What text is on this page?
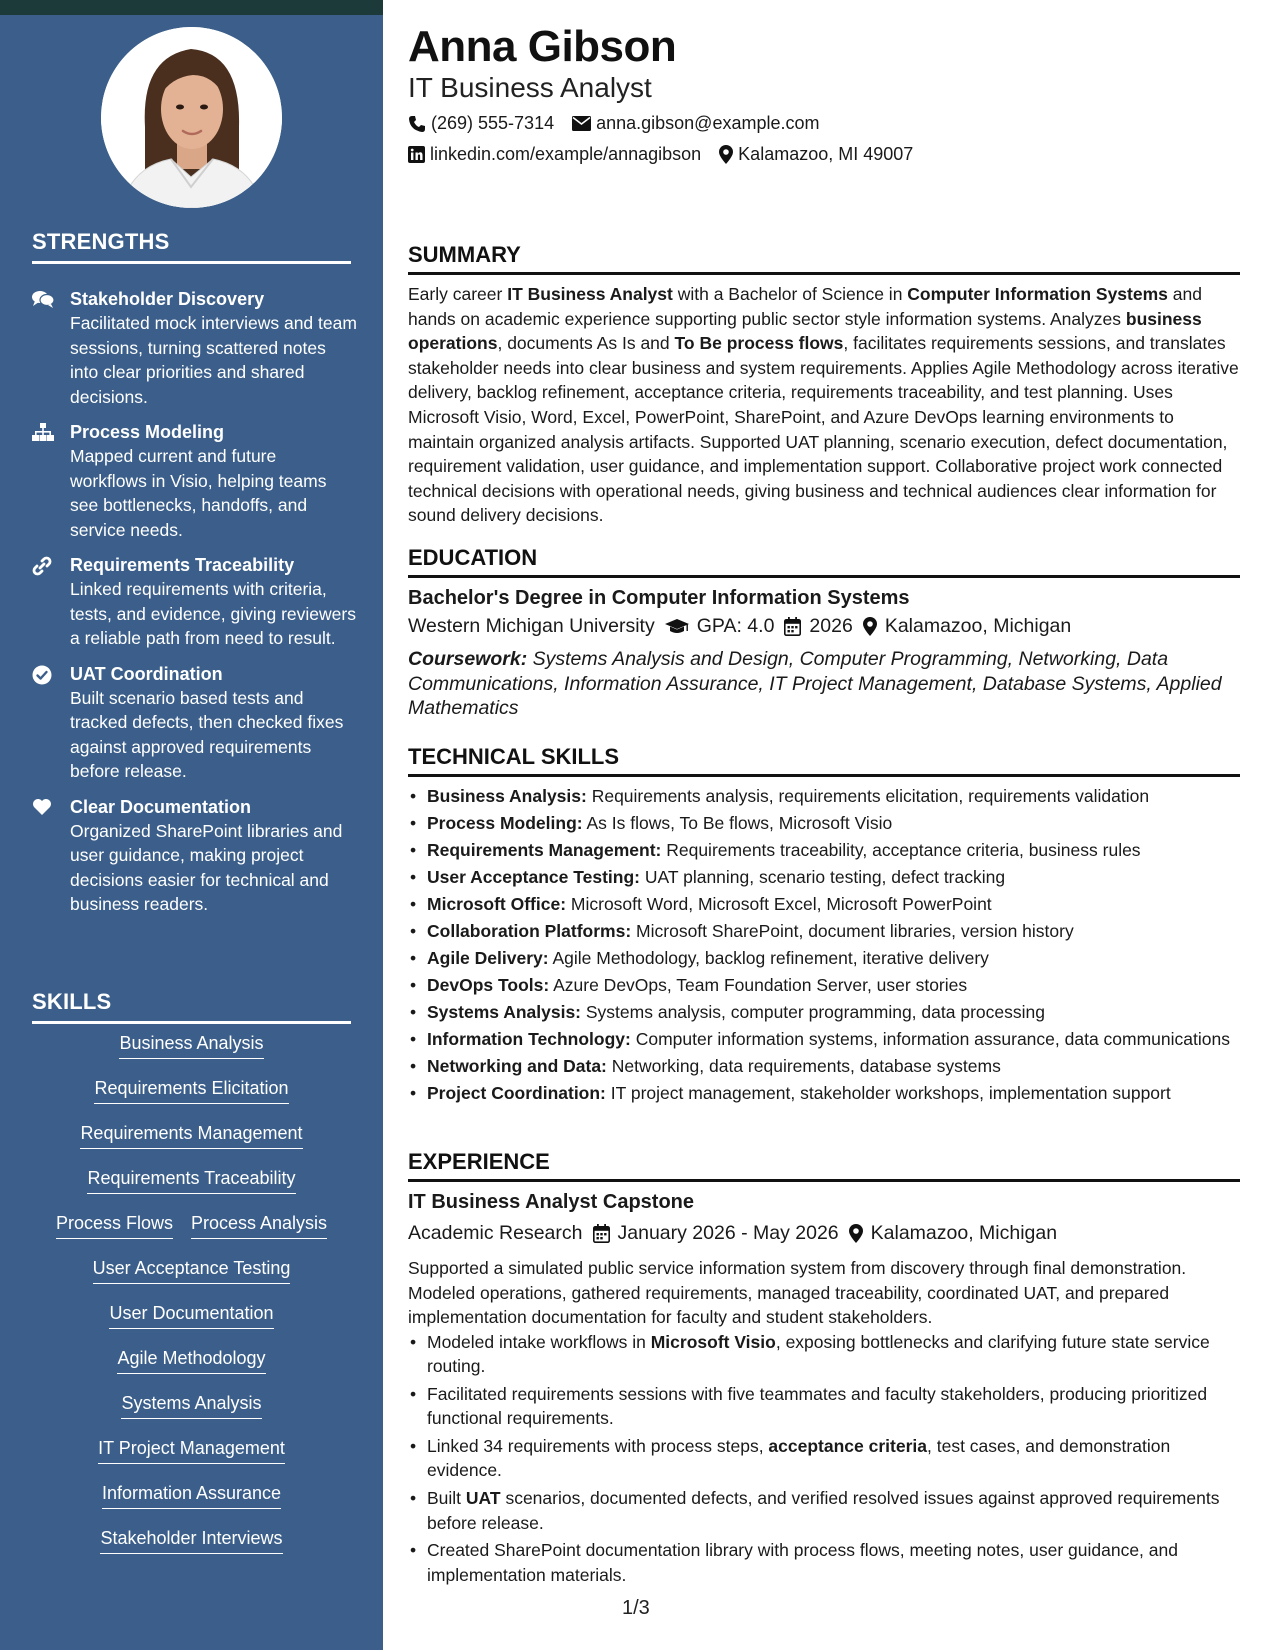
STRENGTHS
Stakeholder Discovery
Facilitated mock interviews and team sessions, turning scattered notes into clear priorities and shared decisions.
Process Modeling
Mapped current and future workflows in Visio, helping teams see bottlenecks, handoffs, and service needs.
Requirements Traceability
Linked requirements with criteria, tests, and evidence, giving reviewers a reliable path from need to result.
UAT Coordination
Built scenario based tests and tracked defects, then checked fixes against approved requirements before release.
Clear Documentation
Organized SharePoint libraries and user guidance, making project decisions easier for technical and business readers.
SKILLS
Business Analysis
Requirements Elicitation
Requirements Management
Requirements Traceability
Process Flows Process Analysis
User Acceptance Testing
User Documentation
Agile Methodology
Systems Analysis
IT Project Management
Information Assurance
Stakeholder Interviews
Anna Gibson
IT Business Analyst
(269) 555-7314 anna.gibson@example.com
linkedin.com/example/annagibson Kalamazoo, MI 49007
SUMMARY

Early career IT Business Analyst with a Bachelor of Science in Computer Information Systems and hands on academic experience supporting public sector style information systems. Analyzes business operations, documents As Is and To Be process flows, facilitates requirements sessions, and translates stakeholder needs into clear business and system requirements. Applies Agile Methodology across iterative delivery, backlog refinement, acceptance criteria, requirements traceability, and test planning. Uses Microsoft Visio, Word, Excel, PowerPoint, SharePoint, and Azure DevOps learning environments to maintain organized analysis artifacts. Supported UAT planning, scenario execution, defect documentation, requirement validation, user guidance, and implementation support. Collaborative project work connected technical decisions with operational needs, giving business and technical audiences clear information for sound delivery decisions.

EDUCATION
Bachelor's Degree in Computer Information Systems
Western Michigan University GPA: 4.0 2026 Kalamazoo, Michigan

Coursework: Systems Analysis and Design, Computer Programming, Networking, Data Communications, Information Assurance, IT Project Management, Database Systems, Applied Mathematics

TECHNICAL SKILLS
• Business Analysis: Requirements analysis, requirements elicitation, requirements validation
• Process Modeling: As Is flows, To Be flows, Microsoft Visio
• Requirements Management: Requirements traceability, acceptance criteria, business rules
• User Acceptance Testing: UAT planning, scenario testing, defect tracking
• Microsoft Office: Microsoft Word, Microsoft Excel, Microsoft PowerPoint
• Collaboration Platforms: Microsoft SharePoint, document libraries, version history
• Agile Delivery: Agile Methodology, backlog refinement, iterative delivery
• DevOps Tools: Azure DevOps, Team Foundation Server, user stories
• Systems Analysis: Systems analysis, computer programming, data processing
• Information Technology: Computer information systems, information assurance, data communications
• Networking and Data: Networking, data requirements, database systems
• Project Coordination: IT project management, stakeholder workshops, implementation support
EXPERIENCE
IT Business Analyst Capstone
Academic Research January 2026 - May 2026 Kalamazoo, Michigan

Supported a simulated public service information system from discovery through final demonstration. Modeled operations, gathered requirements, managed traceability, coordinated UAT, and prepared implementation documentation for faculty and student stakeholders.

• Modeled intake workflows in Microsoft Visio, exposing bottlenecks and clarifying future state service routing.
• Facilitated requirements sessions with five teammates and faculty stakeholders, producing prioritized functional requirements.
• Linked 34 requirements with process steps, acceptance criteria, test cases, and demonstration evidence.
• Built UAT scenarios, documented defects, and verified resolved issues against approved requirements before release.
• Created SharePoint documentation library with process flows, meeting notes, user guidance, and implementation materials.
1/3
